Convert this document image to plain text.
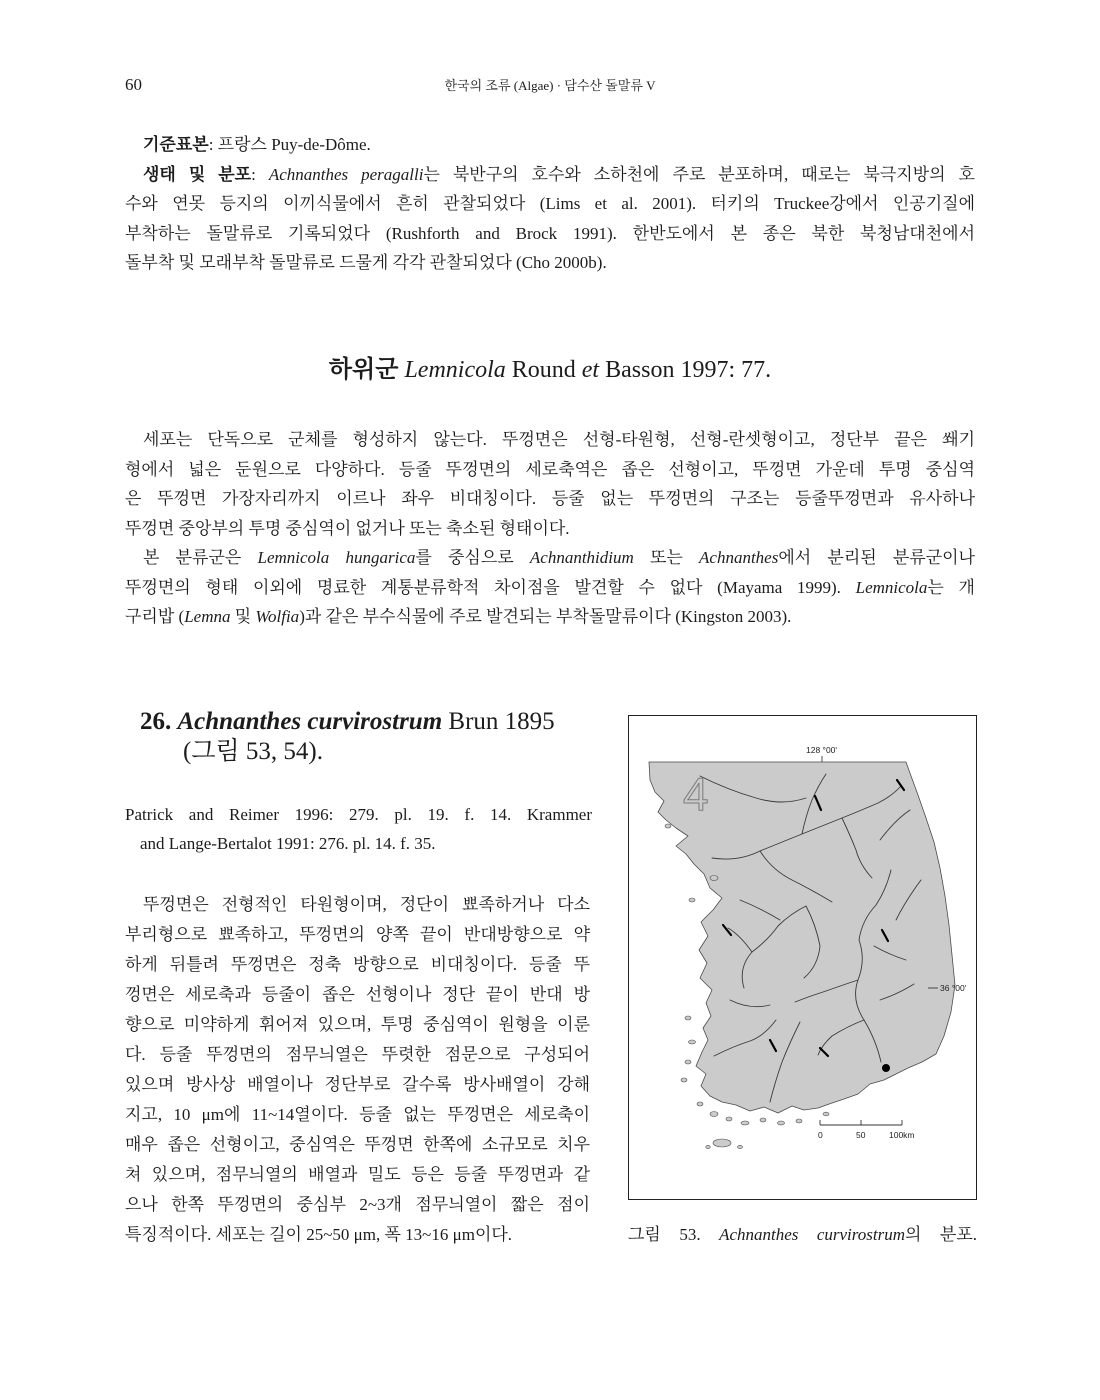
60	한국의 조류 (Algae) · 담수산 돌말류 V
기준표본: 프랑스 Puy-de-Dôme.
생태 및 분포: Achnanthes peragalli는 북반구의 호수와 소하천에 주로 분포하며, 때로는 북극지방의 호
수와 연못 등지의 이끼식물에서 흔히 관찰되었다 (Lims et al. 2001). 터키의 Truckee강에서 인공기질에
부착하는 돌말류로 기록되었다 (Rushforth and Brock 1991). 한반도에서 본 종은 북한 북청남대천에서
돌부착 및 모래부착 돌말류로 드물게 각각 관찰되었다 (Cho 2000b).
하위군 Lemnicola Round et Basson 1997: 77.
세포는 단독으로 군체를 형성하지 않는다. 뚜껑면은 선형-타원형, 선형-란셋형이고, 정단부 끝은 쐐기
형에서 넓은 둔원으로 다양하다. 등줄 뚜껑면의 세로축역은 좁은 선형이고, 뚜껑면 가운데 투명 중심역
은 뚜껑면 가장자리까지 이르나 좌우 비대칭이다. 등줄 없는 뚜껑면의 구조는 등줄뚜껑면과 유사하나
뚜껑면 중앙부의 투명 중심역이 없거나 또는 축소된 형태이다.
본 분류군은 Lemnicola hungarica를 중심으로 Achnanthidium 또는 Achnanthes에서 분리된 분류군이나
뚜껑면의 형태 이외에 명료한 계통분류학적 차이점을 발견할 수 없다 (Mayama 1999). Lemnicola는 개
구리밥 (Lemna 및 Wolfia)과 같은 부수식물에 주로 발견되는 부착돌말류이다 (Kingston 2003).
26. Achnanthes curvirostrum Brun 1895
(그림 53, 54).
Patrick and Reimer 1996: 279. pl. 19. f. 14. Krammer
and Lange-Bertalot 1991: 276. pl. 14. f. 35.
뚜껑면은 전형적인 타원형이며, 정단이 뾰족하거나 다소
부리형으로 뾰족하고, 뚜껑면의 양쪽 끝이 반대방향으로 약
하게 뒤틀려 뚜껑면은 정축 방향으로 비대칭이다. 등줄 뚜
껑면은 세로축과 등줄이 좁은 선형이나 정단 끝이 반대 방
향으로 미약하게 휘어져 있으며, 투명 중심역이 원형을 이룬
다. 등줄 뚜껑면의 점무늬열은 뚜렷한 점문으로 구성되어
있으며 방사상 배열이나 정단부로 갈수록 방사배열이 강해
지고, 10 μm에 11~14열이다. 등줄 없는 뚜껑면은 세로축이
매우 좁은 선형이고, 중심역은 뚜껑면 한쪽에 소규모로 치우
쳐 있으며, 점무늬열의 배열과 밀도 등은 등줄 뚜껑면과 같
으나 한쪽 뚜껑면의 중심부 2~3개 점무늬열이 짧은 점이
특징적이다. 세포는 길이 25~50 μm, 폭 13~16 μm이다.
128 °00'
4
36 °00'
0	50	100km
그림 53. Achnanthes curvirostrum의 분포.
